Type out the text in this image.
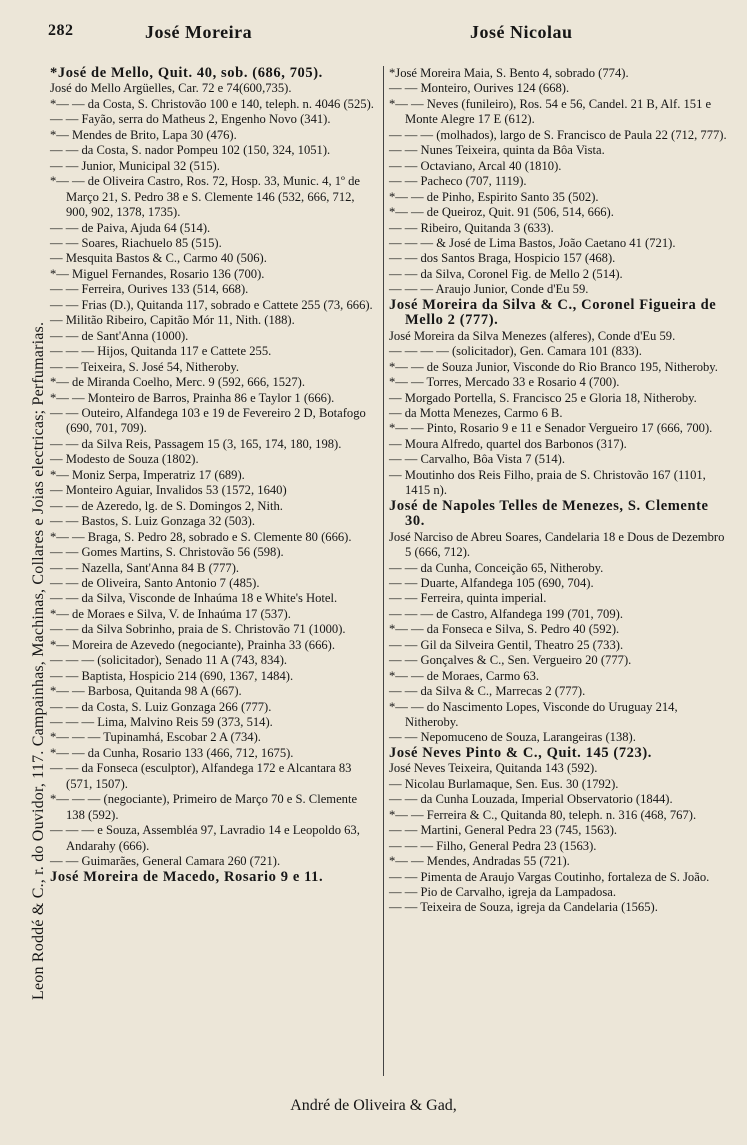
282	José Moreira	José Nicolau
Leon Roddé & C., r. do Ouvidor, 117. Campainhas, Machinas, Collares e Joias electricas; Perfumarias.
*José de Mello, Quit. 40, sob. (686, 705).
José do Mello Argüelles, Car. 72 e 74(600,735).
*— — da Costa, S. Christovão 100 e 140, teleph. n. 4046 (525).
— — Fayão, serra do Matheus 2, Engenho Novo (341).
*— Mendes de Brito, Lapa 30 (476).
— — da Costa, S. nador Pompeu 102 (150, 324, 1051).
— — Junior, Municipal 32 (515).
*— — de Oliveira Castro, Ros. 72, Hosp. 33, Munic. 4, 1º de Março 21, S. Pedro 38 e S. Clemente 146 (532, 666, 712, 900, 902, 1378, 1735).
— — de Paiva, Ajuda 64 (514).
— — Soares, Riachuelo 85 (515).
— Mesquita Bastos & C., Carmo 40 (506).
*— Miguel Fernandes, Rosario 136 (700).
— — Ferreira, Ourives 133 (514, 668).
— — Frias (D.), Quitanda 117, sobrado e Cattete 255 (73, 666).
— Militão Ribeiro, Capitão Mór 11, Nith. (188).
— — de Sant'Anna (1000).
— — — Hijos, Quitanda 117 e Cattete 255.
— — Teixeira, S. José 54, Nitheroby.
*— de Miranda Coelho, Merc. 9 (592, 666, 1527).
*— — Monteiro de Barros, Prainha 86 e Taylor 1 (666).
— — Outeiro, Alfandega 103 e 19 de Fevereiro 2 D, Botafogo (690, 701, 709).
— — da Silva Reis, Passagem 15 (3, 165, 174, 180, 198).
— Modesto de Souza (1802).
*— Moniz Serpa, Imperatriz 17 (689).
— Monteiro Aguiar, Invalidos 53 (1572, 1640)
— — de Azeredo, lg. de S. Domingos 2, Nith.
— — Bastos, S. Luiz Gonzaga 32 (503).
*— — Braga, S. Pedro 28, sobrado e S. Clemente 80 (666).
— — Gomes Martins, S. Christovão 56 (598).
— — Nazella, Sant'Anna 84 B (777).
— — de Oliveira, Santo Antonio 7 (485).
— — da Silva, Visconde de Inhaúma 18 e White's Hotel.
*— de Moraes e Silva, V. de Inhaúma 17 (537).
— — da Silva Sobrinho, praia de S. Christovão 71 (1000).
*— Moreira de Azevedo (negociante), Prainha 33 (666).
— — — (solicitador), Senado 11 A (743, 834).
— — Baptista, Hospicio 214 (690, 1367, 1484).
*— — Barbosa, Quitanda 98 A (667).
— — da Costa, S. Luiz Gonzaga 266 (777).
— — — Lima, Malvino Reis 59 (373, 514).
*— — — Tupinamhá, Escobar 2 A (734).
*— — da Cunha, Rosario 133 (466, 712, 1675).
— — da Fonseca (esculptor), Alfandega 172 e Alcantara 83 (571, 1507).
*— — — (negociante), Primeiro de Março 70 e S. Clemente 138 (592).
— — — e Souza, Assembléa 97, Lavradio 14 e Leopoldo 63, Andarahy (666).
— — Guimarães, General Camara 260 (721).
José Moreira de Macedo, Rosario 9 e 11.
*José Moreira Maia, S. Bento 4, sobrado (774).
— — Monteiro, Ourives 124 (668).
*— — Neves (funileiro), Ros. 54 e 56, Candel. 21 B, Alf. 151 e Monte Alegre 17 E (612).
— — — (molhados), largo de S. Francisco de Paula 22 (712, 777).
— — Nunes Teixeira, quinta da Bôa Vista.
— — Octaviano, Arcal 40 (1810).
— — Pacheco (707, 1119).
*— — de Pinho, Espirito Santo 35 (502).
*— — de Queiroz, Quit. 91 (506, 514, 666).
— — Ribeiro, Quitanda 3 (633).
— — — & José de Lima Bastos, João Caetano 41 (721).
— — dos Santos Braga, Hospicio 157 (468).
— — da Silva, Coronel Fig. de Mello 2 (514).
— — — Araujo Junior, Conde d'Eu 59.
José Moreira da Silva & C., Coronel Figueira de Mello 2 (777).
José Moreira da Silva Menezes (alferes), Conde d'Eu 59.
— — — — (solicitador), Gen. Camara 101 (833).
*— — de Souza Junior, Visconde do Rio Branco 195, Nitheroby.
*— — Torres, Mercado 33 e Rosario 4 (700).
— Morgado Portella, S. Francisco 25 e Gloria 18, Nitheroby.
— da Motta Menezes, Carmo 6 B.
*— — Pinto, Rosario 9 e 11 e Senador Vergueiro 17 (666, 700).
— Moura Alfredo, quartel dos Barbonos (317).
— — Carvalho, Bôa Vista 7 (514).
— Moutinho dos Reis Filho, praia de S. Christovão 167 (1101, 1415 n).
José de Napoles Telles de Menezes, S. Clemente 30.
José Narciso de Abreu Soares, Candelaria 18 e Dous de Dezembro 5 (666, 712).
— — da Cunha, Conceição 65, Nitheroby.
— — Duarte, Alfandega 105 (690, 704).
— — Ferreira, quinta imperial.
— — — de Castro, Alfandega 199 (701, 709).
*— — da Fonseca e Silva, S. Pedro 40 (592).
— — Gil da Silveira Gentil, Theatro 25 (733).
— — Gonçalves & C., Sen. Vergueiro 20 (777).
*— — de Moraes, Carmo 63.
— — da Silva & C., Marrecas 2 (777).
*— — do Nascimento Lopes, Visconde do Uruguay 214, Nitheroby.
— — Nepomuceno de Souza, Larangeiras (138).
José Neves Pinto & C., Quit. 145 (723).
José Neves Teixeira, Quitanda 143 (592).
— Nicolau Burlamaque, Sen. Eus. 30 (1792).
— — da Cunha Louzada, Imperial Observatorio (1844).
*— — Ferreira & C., Quitanda 80, teleph. n. 316 (468, 767).
— — Martini, General Pedra 23 (745, 1563).
— — — Filho, General Pedra 23 (1563).
*— — Mendes, Andradas 55 (721).
— — Pimenta de Araujo Vargas Coutinho, fortaleza de S. João.
— — Pio de Carvalho, igreja da Lampadosa.
— — Teixeira de Souza, igreja da Candelaria (1565).
André de Oliveira & Gad,
